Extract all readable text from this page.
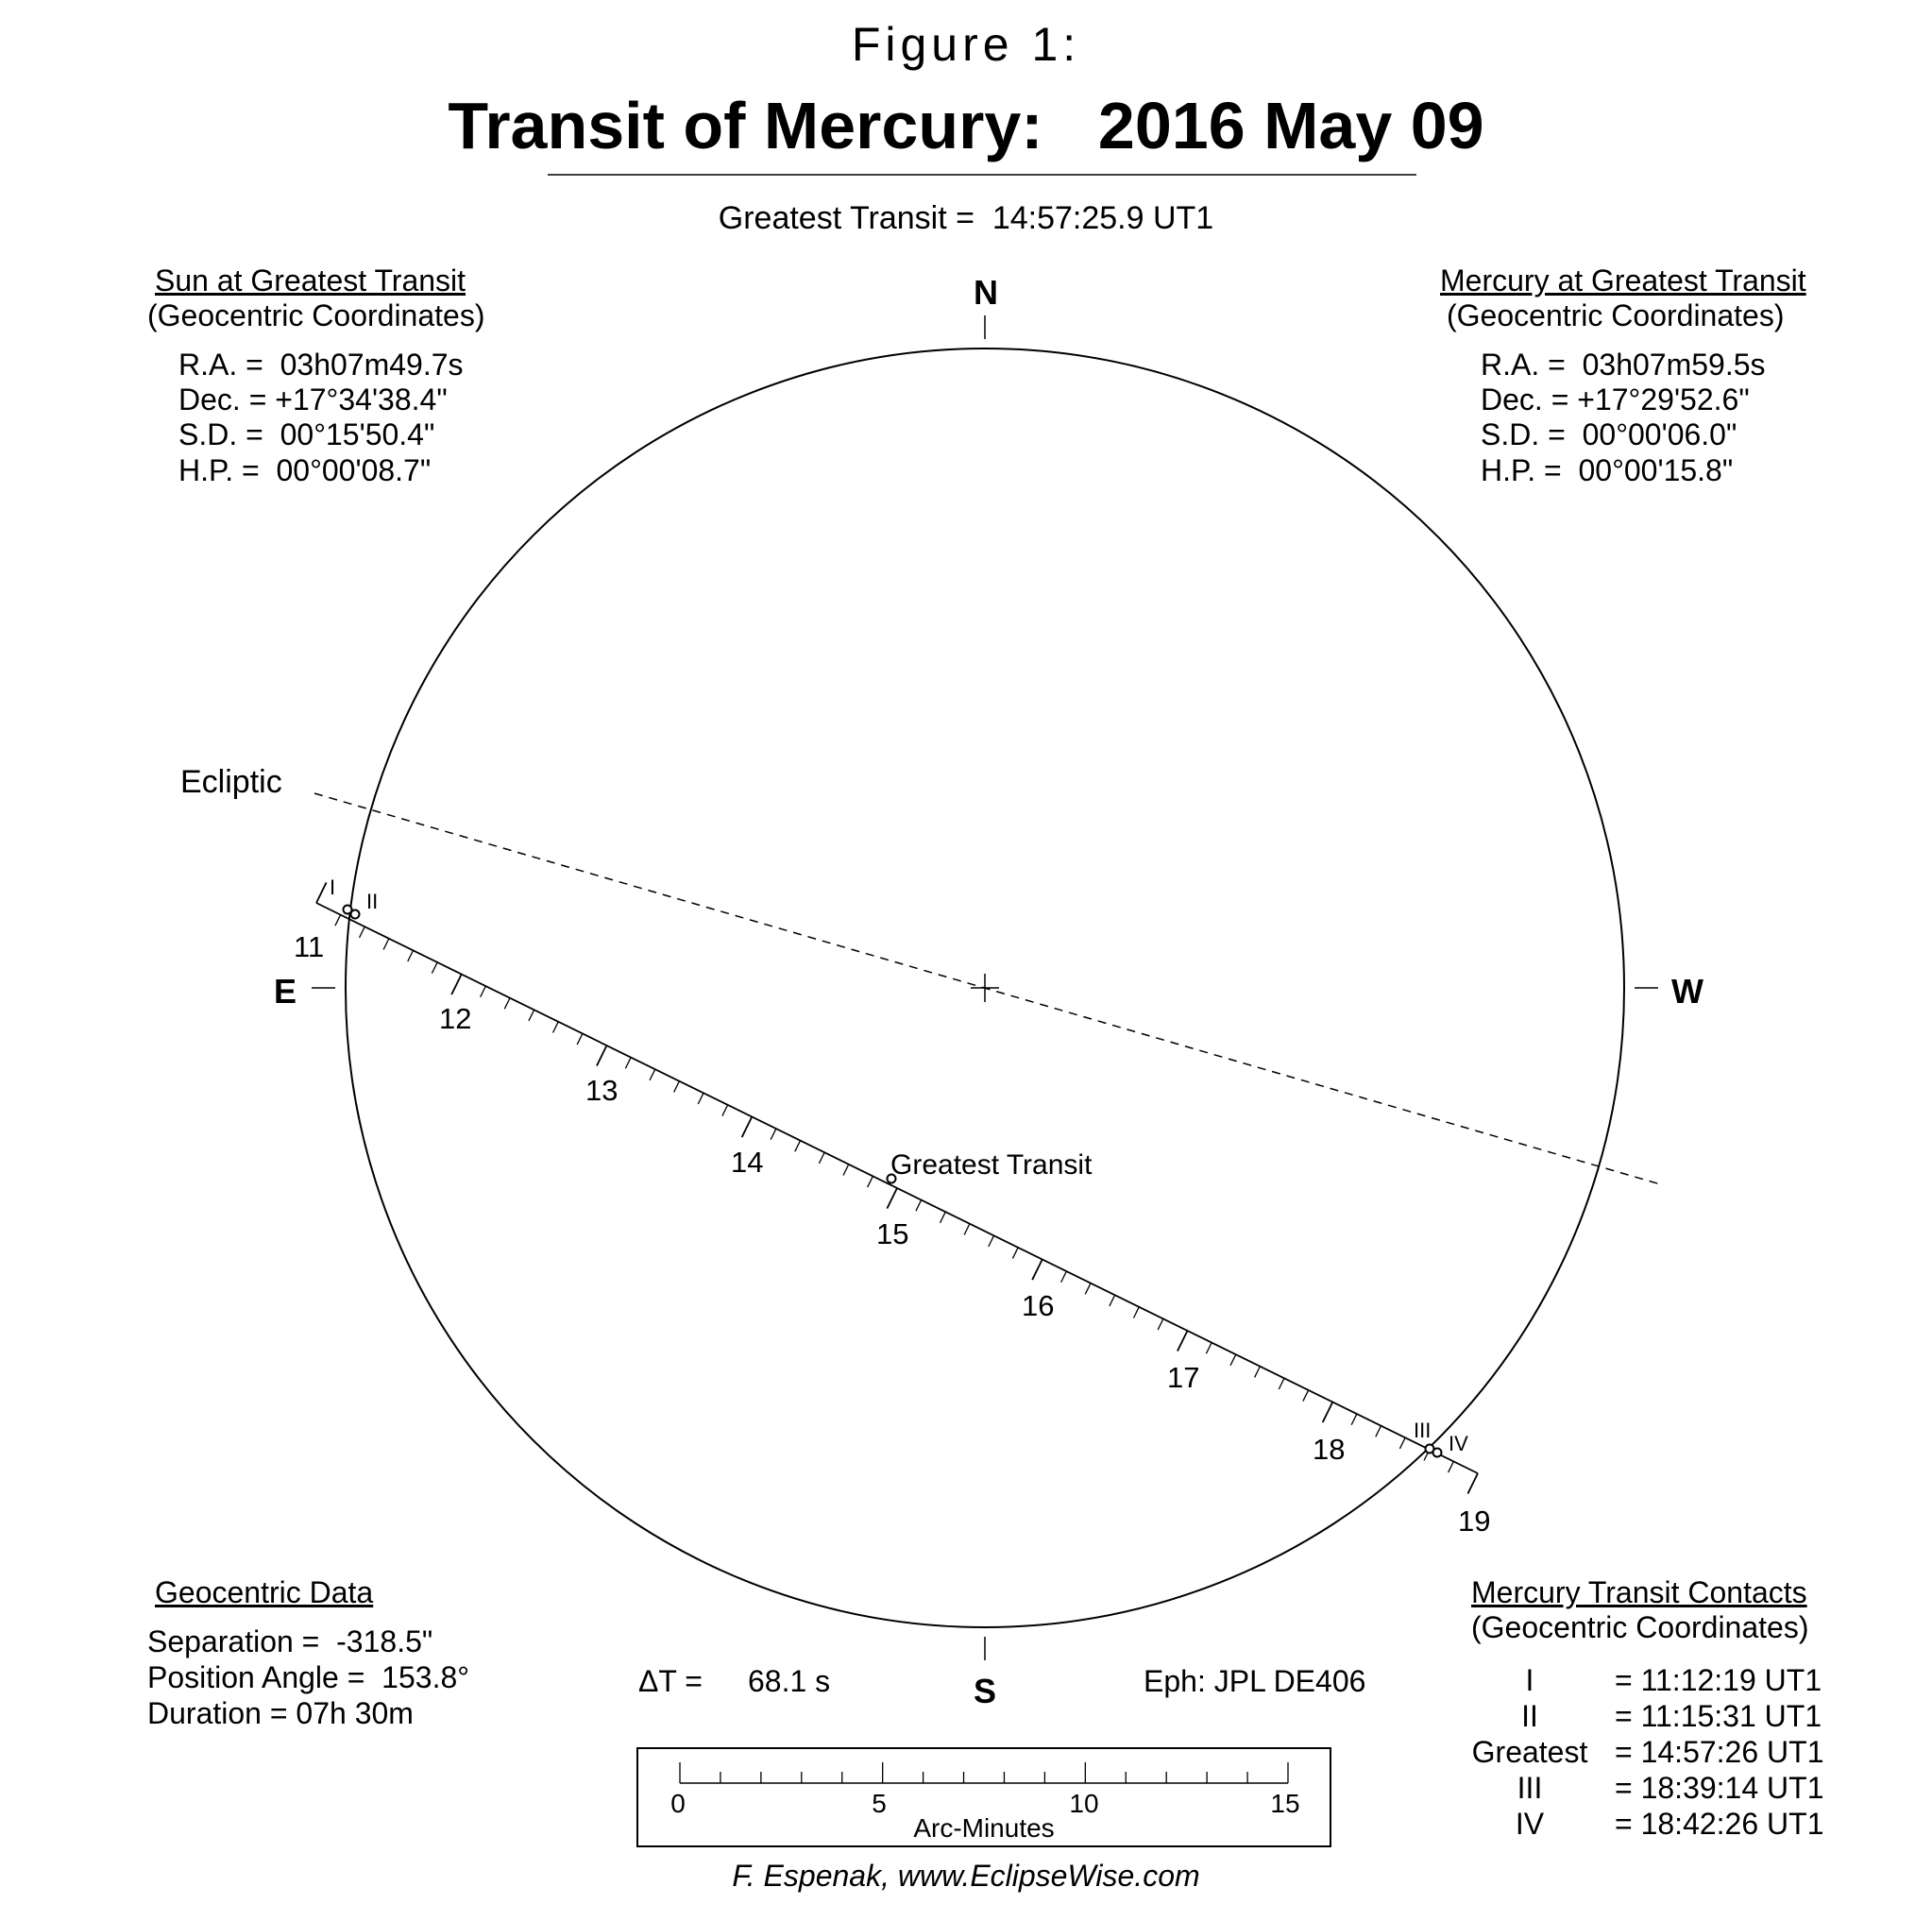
Figure 1:
Transit of Mercury:   2016 May 09
Greatest Transit =  14:57:25.9 UT1
Sun at Greatest Transit
(Geocentric Coordinates)
R.A. =  03h07m49.7s
Dec. = +17°34'38.4"
S.D. =  00°15'50.4"
H.P. =  00°00'08.7"
Mercury at Greatest Transit
(Geocentric Coordinates)
R.A. =  03h07m59.5s
Dec. = +17°29'52.6"
S.D. =  00°00'06.0"
H.P. =  00°00'15.8"
N
S
E	W
Ecliptic
Greatest Transit
11
12
13
14
15
16
17
18
19
I
II
III
IV
Geocentric Data
Separation =  -318.5"
Position Angle =  153.8°
Duration = 07h 30m
ΔT = 68.1 s	Eph: JPL DE406
0	5	10	15
Arc-Minutes
Mercury Transit Contacts
(Geocentric Coordinates)
I	= 11:12:19 UT1
II	= 11:15:31 UT1
Greatest	= 14:57:26 UT1
III	= 18:39:14 UT1
IV	= 18:42:26 UT1
F. Espenak, www.EclipseWise.com
